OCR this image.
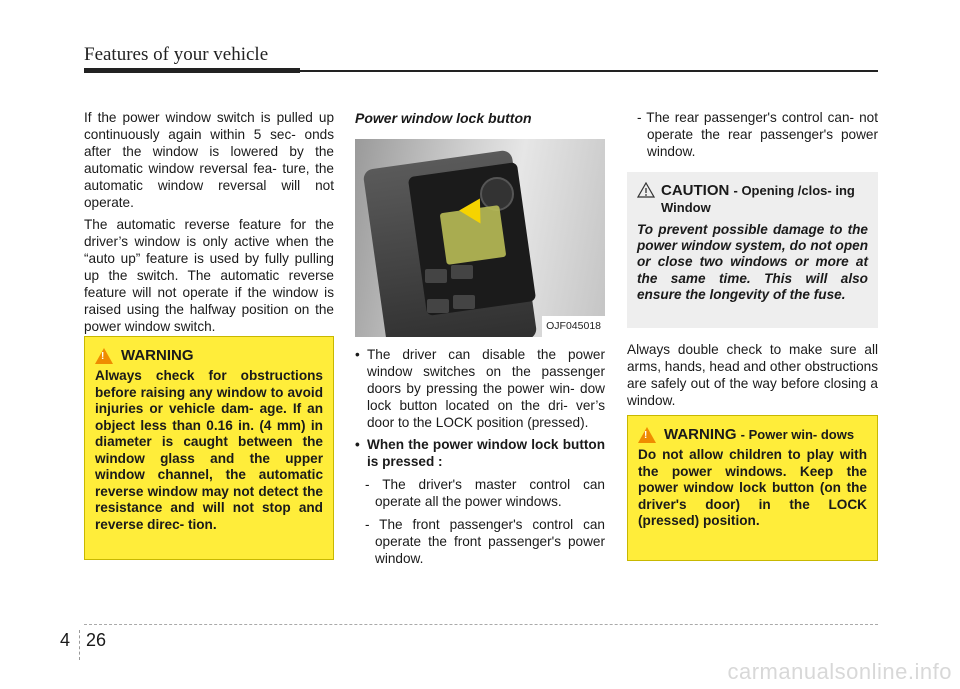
Features of your vehicle

If the power window switch is pulled up continuously again within 5 sec- onds after the window is lowered by the automatic window reversal fea- ture, the automatic window reversal will not operate.

The automatic reverse feature for the driver’s window is only active when the “auto up” feature is used by fully pulling up the switch. The automatic reverse feature will not operate if the window is raised using the halfway position on the power window switch.

!
WARNING
Always check for obstructions before raising any window to avoid injuries or vehicle dam- age. If an object less than 0.16 in. (4 mm) in diameter is caught between the window glass and the upper window channel, the automatic reverse window may not detect the resistance and will not stop and reverse direc- tion.
Power window lock button
OJF045018

• The driver can disable the power window switches on the passenger doors by pressing the power win- dow lock button located on the dri- ver’s door to the LOCK position (pressed).

• When the power window lock button is pressed :

- The driver's master control can operate all the power windows.

- The front passenger's control can operate the front passenger's power window.

- The rear passenger's control can- not operate the rear passenger's power window.

CAUTION - Opening /clos- ing Window
To prevent possible damage to the power window system, do not open or close two windows or more at the same time. This will also ensure the longevity of the fuse.

Always double check to make sure all arms, hands, head and other obstructions are safely out of the way before closing a window.

!
WARNING - Power win- dows
Do not allow children to play with the power windows. Keep the power window lock button (on the driver's door) in the LOCK (pressed) position.
4 26
carmanualsonline.info
